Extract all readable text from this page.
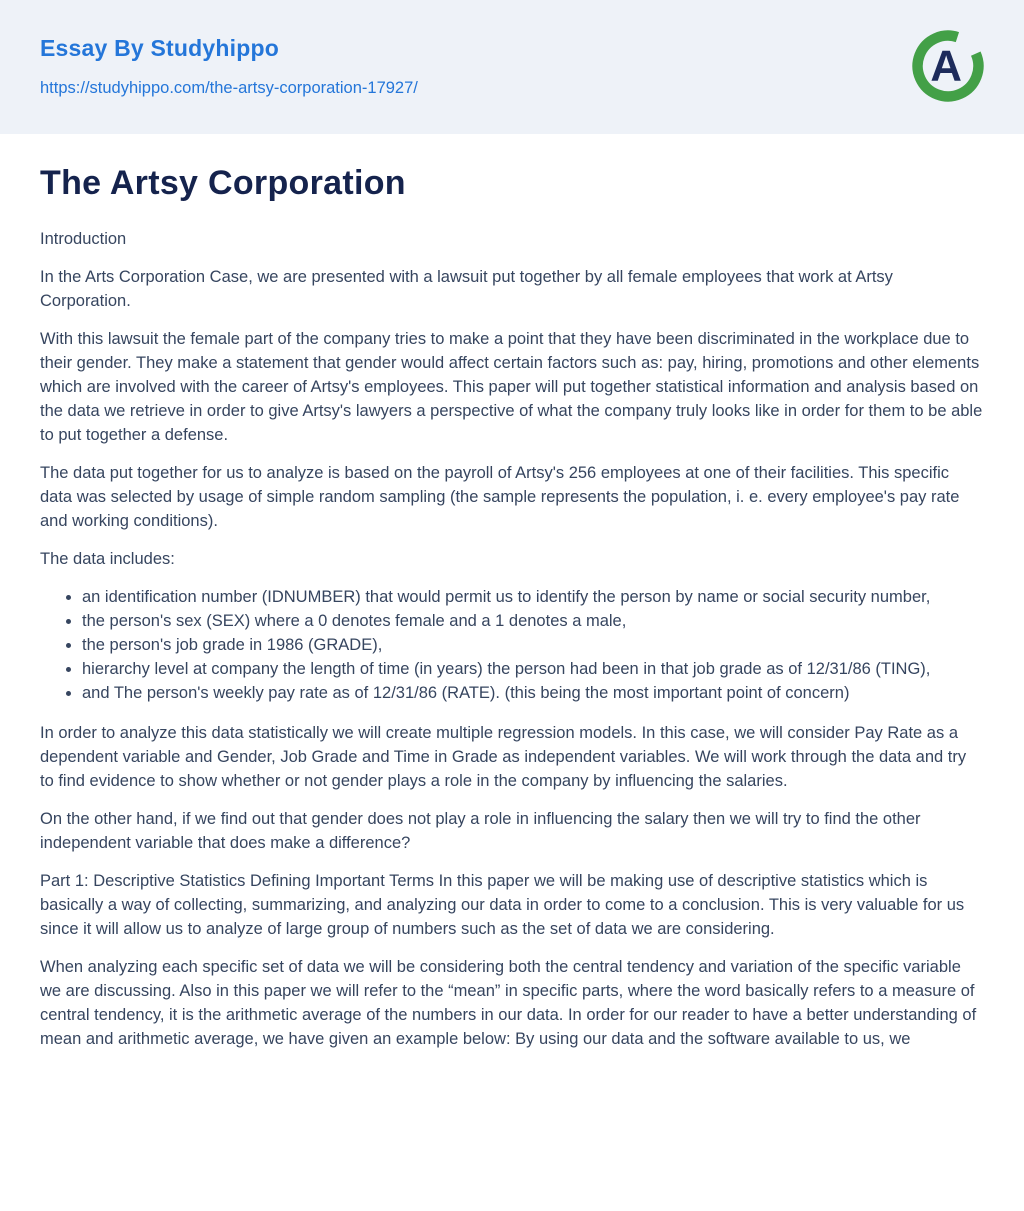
Essay By Studyhippo
https://studyhippo.com/the-artsy-corporation-17927/	A
The Artsy Corporation

Introduction

In the Arts Corporation Case, we are presented with a lawsuit put together by all female employees that work at Artsy Corporation.

With this lawsuit the female part of the company tries to make a point that they have been discriminated in the workplace due to their gender. They make a statement that gender would affect certain factors such as: pay, hiring, promotions and other elements which are involved with the career of Artsy's employees. This paper will put together statistical information and analysis based on the data we retrieve in order to give Artsy's lawyers a perspective of what the company truly looks like in order for them to be able to put together a defense.

The data put together for us to analyze is based on the payroll of Artsy's 256 employees at one of their facilities. This specific data was selected by usage of simple random sampling (the sample represents the population, i. e. every employee's pay rate and working conditions).

The data includes:

• an identification number (IDNUMBER) that would permit us to identify the person by name or social security number,
• the person's sex (SEX) where a 0 denotes female and a 1 denotes a male,
• the person's job grade in 1986 (GRADE),
• hierarchy level at company the length of time (in years) the person had been in that job grade as of 12/31/86 (TING),
• and The person's weekly pay rate as of 12/31/86 (RATE). (this being the most important point of concern)

In order to analyze this data statistically we will create multiple regression models. In this case, we will consider Pay Rate as a dependent variable and Gender, Job Grade and Time in Grade as independent variables. We will work through the data and try to find evidence to show whether or not gender plays a role in the company by influencing the salaries.

On the other hand, if we find out that gender does not play a role in influencing the salary then we will try to find the other independent variable that does make a difference?

Part 1: Descriptive Statistics Defining Important Terms In this paper we will be making use of descriptive statistics which is basically a way of collecting, summarizing, and analyzing our data in order to come to a conclusion. This is very valuable for us since it will allow us to analyze of large group of numbers such as the set of data we are considering.

When analyzing each specific set of data we will be considering both the central tendency and variation of the specific variable we are discussing. Also in this paper we will refer to the “mean” in specific parts, where the word basically refers to a measure of central tendency, it is the arithmetic average of the numbers in our data. In order for our reader to have a better understanding of mean and arithmetic average, we have given an example below: By using our data and the software available to us, we
